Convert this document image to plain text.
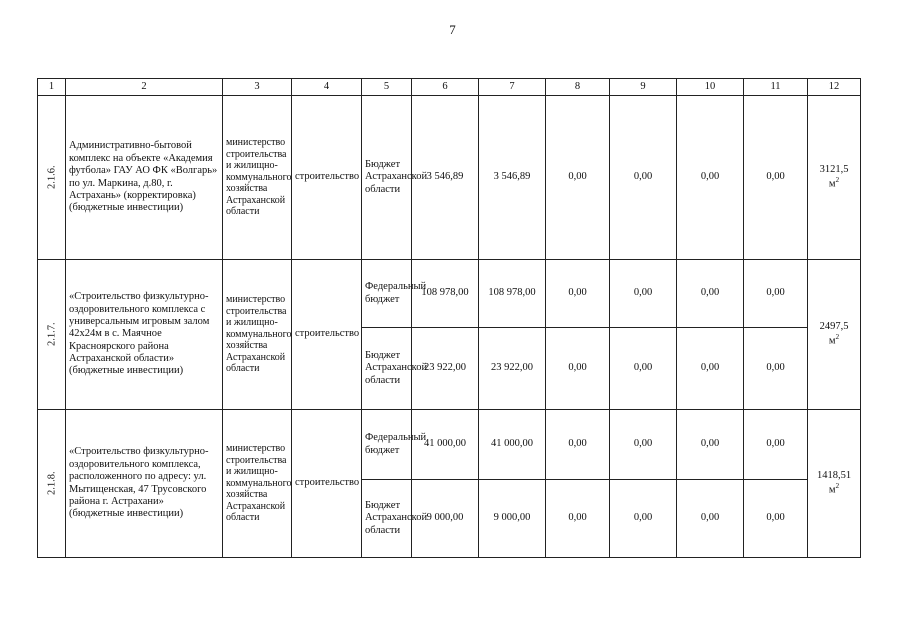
7
1	2	3	4	5	6	7	8	9	10	11	12
2.1.6.	Административно-бытовой комплекс на объекте «Академия футбола» ГАУ АО ФК «Волгарь» по ул. Маркина, д.80, г. Астрахань» (корректировка) (бюджетные инвестиции)	министерство строительства и жилищно-коммунального хозяйства Астраханской области	строительство	Бюджет Астраханской области	3 546,89	3 546,89	0,00	0,00	0,00	0,00	3121,5
$м^2$

2.1.7.	«Строительство физкультурно-оздоровительного комплекса с универсальным игровым залом 42х24м в с. Маячное Красноярского района Астраханской области» (бюджетные инвестиции)	министерство строительства и жилищно-коммунального хозяйства Астраханской области	строительство	Федеральный бюджет	108 978,00	108 978,00	0,00	0,00	0,00	0,00	2497,5
$м^2$

				Бюджет Астраханской области	23 922,00	23 922,00	0,00	0,00	0,00	0,00	
2.1.8.	«Строительство физкультурно-оздоровительного комплекса, расположенного по адресу: ул. Мытищенская, 47 Трусовского района г. Астрахани» (бюджетные инвестиции)	министерство строительства и жилищно-коммунального хозяйства Астраханской области	строительство	Федеральный бюджет	41 000,00	41 000,00	0,00	0,00	0,00	0,00	1418,51
$м^2$

				Бюджет Астраханской области	9 000,00	9 000,00	0,00	0,00	0,00	0,00	
